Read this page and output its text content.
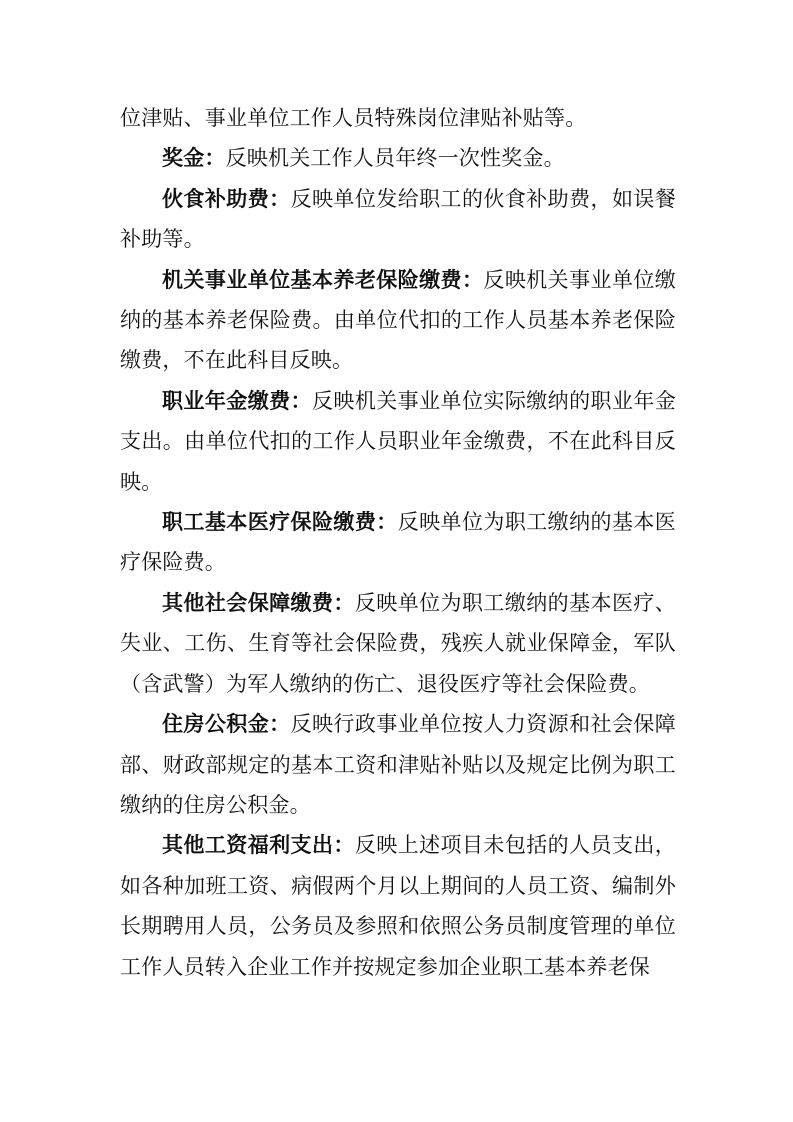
位津贴、事业单位工作人员特殊岗位津贴补贴等。

奖金：反映机关工作人员年终一次性奖金。

伙食补助费：反映单位发给职工的伙食补助费，如误餐补助等。

机关事业单位基本养老保险缴费：反映机关事业单位缴纳的基本养老保险费。由单位代扣的工作人员基本养老保险缴费，不在此科目反映。

职业年金缴费：反映机关事业单位实际缴纳的职业年金支出。由单位代扣的工作人员职业年金缴费，不在此科目反映。

职工基本医疗保险缴费：反映单位为职工缴纳的基本医疗保险费。

其他社会保障缴费：反映单位为职工缴纳的基本医疗、失业、工伤、生育等社会保险费，残疾人就业保障金，军队（含武警）为军人缴纳的伤亡、退役医疗等社会保险费。

住房公积金：反映行政事业单位按人力资源和社会保障部、财政部规定的基本工资和津贴补贴以及规定比例为职工缴纳的住房公积金。

其他工资福利支出：反映上述项目未包括的人员支出，如各种加班工资、病假两个月以上期间的人员工资、编制外长期聘用人员，公务员及参照和依照公务员制度管理的单位工作人员转入企业工作并按规定参加企业职工基本养老保
